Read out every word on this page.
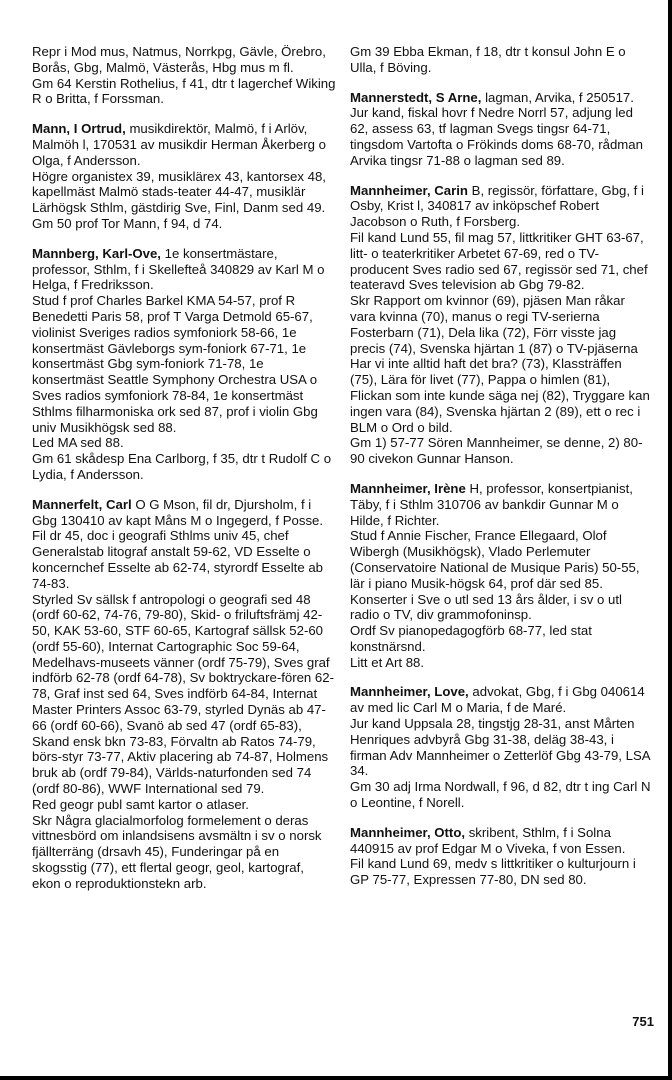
Repr i Mod mus, Natmus, Norrkpg, Gävle, Örebro, Borås, Gbg, Malmö, Västerås, Hbg mus m fl.

Gm 64 Kerstin Rothelius, f 41, dtr t lagerchef Wiking R o Britta, f Forssman.

Mann, I Ortrud, musikdirektör, Malmö, f i Arlöv, Malmöh l, 170531 av musikdir Herman Åkerberg o Olga, f Andersson.

Högre organistex 39, musiklärex 43, kantorsex 48, kapellmäst Malmö stads-teater 44-47, musiklär Lärhögsk Sthlm, gästdirig Sve, Finl, Danm sed 49.

Gm 50 prof Tor Mann, f 94, d 74.

Mannberg, Karl-Ove, 1e konsertmästare, professor, Sthlm, f i Skellefteå 340829 av Karl M o Helga, f Fredriksson.

Stud f prof Charles Barkel KMA 54-57, prof R Benedetti Paris 58, prof T Varga Detmold 65-67, violinist Sveriges radios symfoniork 58-66, 1e konsertmäst Gävleborgs sym-foniork 67-71, 1e konsertmäst Gbg sym-foniork 71-78, 1e konsertmäst Seattle Symphony Orchestra USA o Sves radios symfoniork 78-84, 1e konsertmäst Sthlms filharmoniska ork sed 87, prof i violin Gbg univ Musikhögsk sed 88.

Led MA sed 88.

Gm 61 skådesp Ena Carlborg, f 35, dtr t Rudolf C o Lydia, f Andersson.

Mannerfelt, Carl O G Mson, fil dr, Djursholm, f i Gbg 130410 av kapt Måns M o Ingegerd, f Posse.

Fil dr 45, doc i geografi Sthlms univ 45, chef Generalstab litograf anstalt 59-62, VD Esselte o koncernchef Esselte ab 62-74, styrordf Esselte ab 74-83.

Styrled Sv sällsk f antropologi o geografi sed 48 (ordf 60-62, 74-76, 79-80), Skid- o friluftsfrämj 42-50, KAK 53-60, STF 60-65, Kartograf sällsk 52-60 (ordf 55-60), Internat Cartographic Soc 59-64, Medelhavs-museets vänner (ordf 75-79), Sves graf indförb 62-78 (ordf 64-78), Sv boktryckare-fören 62-78, Graf inst sed 64, Sves indförb 64-84, Internat Master Printers Assoc 63-79, styrled Dynäs ab 47-66 (ordf 60-66), Svanö ab sed 47 (ordf 65-83), Skand ensk bkn 73-83, Förvaltn ab Ratos 74-79, börs-styr 73-77, Aktiv placering ab 74-87, Holmens bruk ab (ordf 79-84), Världs-naturfonden sed 74 (ordf 80-86), WWF International sed 79.

Red geogr publ samt kartor o atlaser.

Skr Några glacialmorfolog formelement o deras vittnesbörd om inlandsisens avsmältn i sv o norsk fjällterräng (drsavh 45), Funderingar på en skogsstig (77), ett flertal geogr, geol, kartograf, ekon o reproduktionstekn arb.

Gm 39 Ebba Ekman, f 18, dtr t konsul John E o Ulla, f Böving.

Mannerstedt, S Arne, lagman, Arvika, f 250517.

Jur kand, fiskal hovr f Nedre Norrl 57, adjung led 62, assess 63, tf lagman Svegs tingsr 64-71, tingsdom Vartofta o Frökinds doms 68-70, rådman Arvika tingsr 71-88 o lagman sed 89.

Mannheimer, Carin B, regissör, författare, Gbg, f i Osby, Krist l, 340817 av inköpschef Robert Jacobson o Ruth, f Forsberg.

Fil kand Lund 55, fil mag 57, littkritiker GHT 63-67, litt- o teaterkritiker Arbetet 67-69, red o TV-producent Sves radio sed 67, regissör sed 71, chef teateravd Sves television ab Gbg 79-82.

Skr Rapport om kvinnor (69), pjäsen Man råkar vara kvinna (70), manus o regi TV-serierna Fosterbarn (71), Dela lika (72), Förr visste jag precis (74), Svenska hjärtan 1 (87) o TV-pjäserna Har vi inte alltid haft det bra? (73), Klassträffen (75), Lära för livet (77), Pappa o himlen (81), Flickan som inte kunde säga nej (82), Tryggare kan ingen vara (84), Svenska hjärtan 2 (89), ett o rec i BLM o Ord o bild.

Gm 1) 57-77 Sören Mannheimer, se denne, 2) 80-90 civekon Gunnar Hanson.

Mannheimer, Irène H, professor, konsertpianist, Täby, f i Sthlm 310706 av bankdir Gunnar M o Hilde, f Richter.

Stud f Annie Fischer, France Ellegaard, Olof Wibergh (Musikhögsk), Vlado Perlemuter (Conservatoire National de Musique Paris) 50-55, lär i piano Musik-högsk 64, prof där sed 85.

Konserter i Sve o utl sed 13 års ålder, i sv o utl radio o TV, div grammofoninsp.

Ordf Sv pianopedagogförb 68-77, led stat konstnärsnd.

Litt et Art 88.

Mannheimer, Love, advokat, Gbg, f i Gbg 040614 av med lic Carl M o Maria, f de Maré.

Jur kand Uppsala 28, tingstjg 28-31, anst Mårten Henriques advbyrå Gbg 31-38, deläg 38-43, i firman Adv Mannheimer o Zetterlöf Gbg 43-79, LSA 34.

Gm 30 adj Irma Nordwall, f 96, d 82, dtr t ing Carl N o Leontine, f Norell.

Mannheimer, Otto, skribent, Sthlm, f i Solna 440915 av prof Edgar M o Viveka, f von Essen.

Fil kand Lund 69, medv s littkritiker o kulturjourn i GP 75-77, Expressen 77-80, DN sed 80.

751
